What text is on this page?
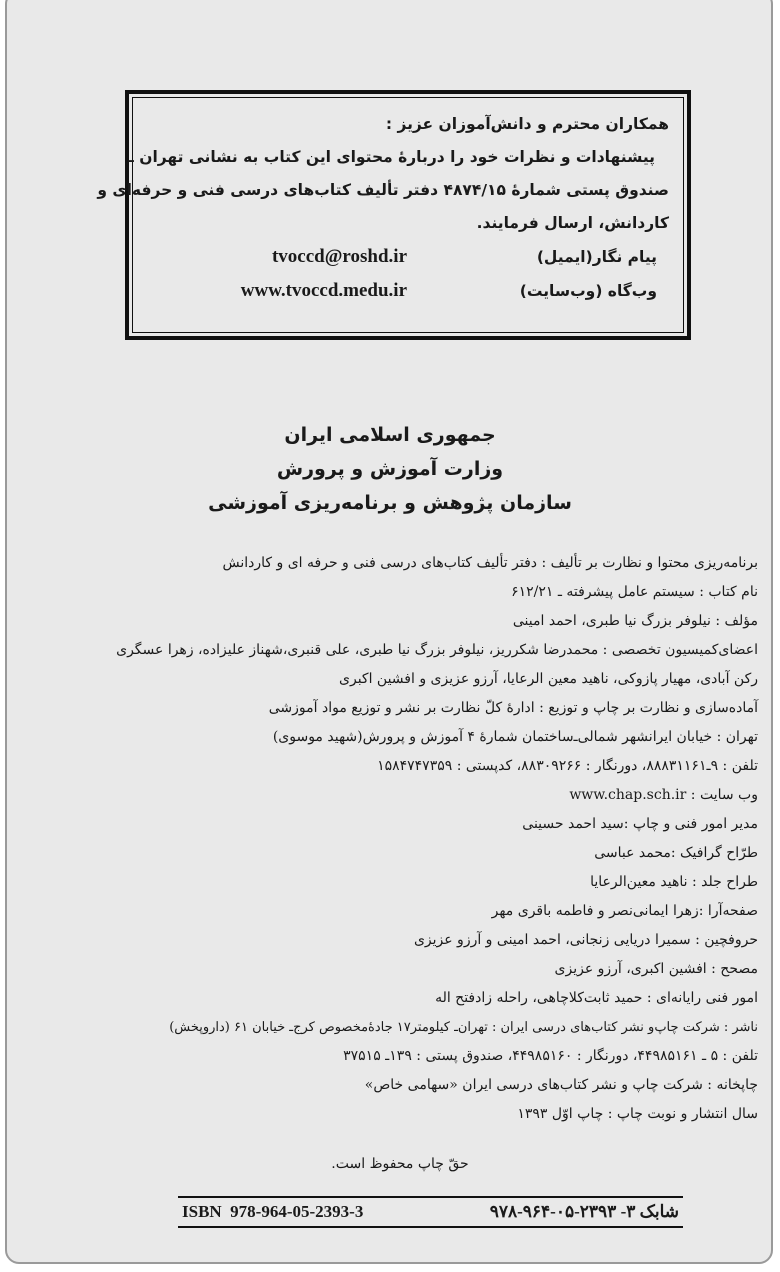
همکاران محترم و دانش‌آموزان عزیز :
پیشنهادات و نظرات خود را دربارهٔ محتوای این کتاب به نشانی تهران ـ
صندوق پستی شمارهٔ ۴۸۷۴/۱۵ دفتر تألیف کتاب‌های درسی فنی و حرفه‌ای و
کاردانش، ارسال فرمایند.
پیام نگار(ایمیل)
tvoccd@roshd.ir
وب‌گاه (وب‌سایت)
www.tvoccd.medu.ir
جمهوری اسلامی ایران
وزارت آموزش و پرورش
سازمان پژوهش و برنامه‌ریزی آموزشی
برنامه‌ریزی محتوا و نظارت بر تألیف : دفتر تألیف کتاب‌های درسی فنی و حرفه ای و کاردانش
نام کتاب : سیستم عامل پیشرفته ـ ۶۱۲/۲۱
مؤلف : نیلوفر بزرگ نیا طبری، احمد امینی
اعضای‌کمیسیون تخصصی : محمدرضا شکرریز، نیلوفر بزرگ نیا طبری، علی قنبری،شهناز علیزاده، زهرا عسگری
رکن آبادی، مهیار پازوکی، ناهید معین الرعایا، آرزو عزیزی و افشین اکبری
آماده‌سازی و نظارت بر چاپ و توزیع : ادارهٔ کلّ نظارت بر نشر و توزیع مواد آموزشی
تهران : خیابان ایرانشهر شمالی‌ـ‌ساختمان شمارهٔ ۴ آموزش و پرورش(شهید موسوی)
تلفن : ۹ـ۸۸۸۳۱۱۶۱، دورنگار : ۸۸۳۰۹۲۶۶، کدپستی : ۱۵۸۴۷۴۷۳۵۹
وب سایت : www.chap.sch.ir
مدیر امور فنی و چاپ :سید احمد حسینی
طرّاح گرافیک :محمد عباسی
طراح جلد : ناهید معین‌الرعایا
صفحه‌آرا :زهرا ایمانی‌نصر و فاطمه باقری مهر
حروفچین : سمیرا دریایی زنجانی، احمد امینی و آرزو عزیزی
مصحح : افشین اکبری، آرزو عزیزی
امور فنی رایانه‌ای : حمید ثابت‌کلاچاهی، راحله زادفتح اله
ناشر : شرکت چاپ‌و نشر کتاب‌های درسی ایران : تهران‌ـ کیلومتر۱۷ جادهٔ‌مخصوص کرج‌ـ خیابان ۶۱ (داروپخش)
تلفن : ۵ ـ ۴۴۹۸۵۱۶۱، دورنگار : ۴۴۹۸۵۱۶۰، صندوق پستی : ۱۳۹ـ ۳۷۵۱۵
چاپخانه : شرکت چاپ و نشر کتاب‌های درسی ایران «سهامی خاص»
سال انتشار و نوبت چاپ : چاپ اوّل ۱۳۹۳
حقّ چاپ محفوظ است.
ISBN  978-964-05-2393-3	شابک ۳- ۲۳۹۳-۰۵-۹۶۴-۹۷۸
